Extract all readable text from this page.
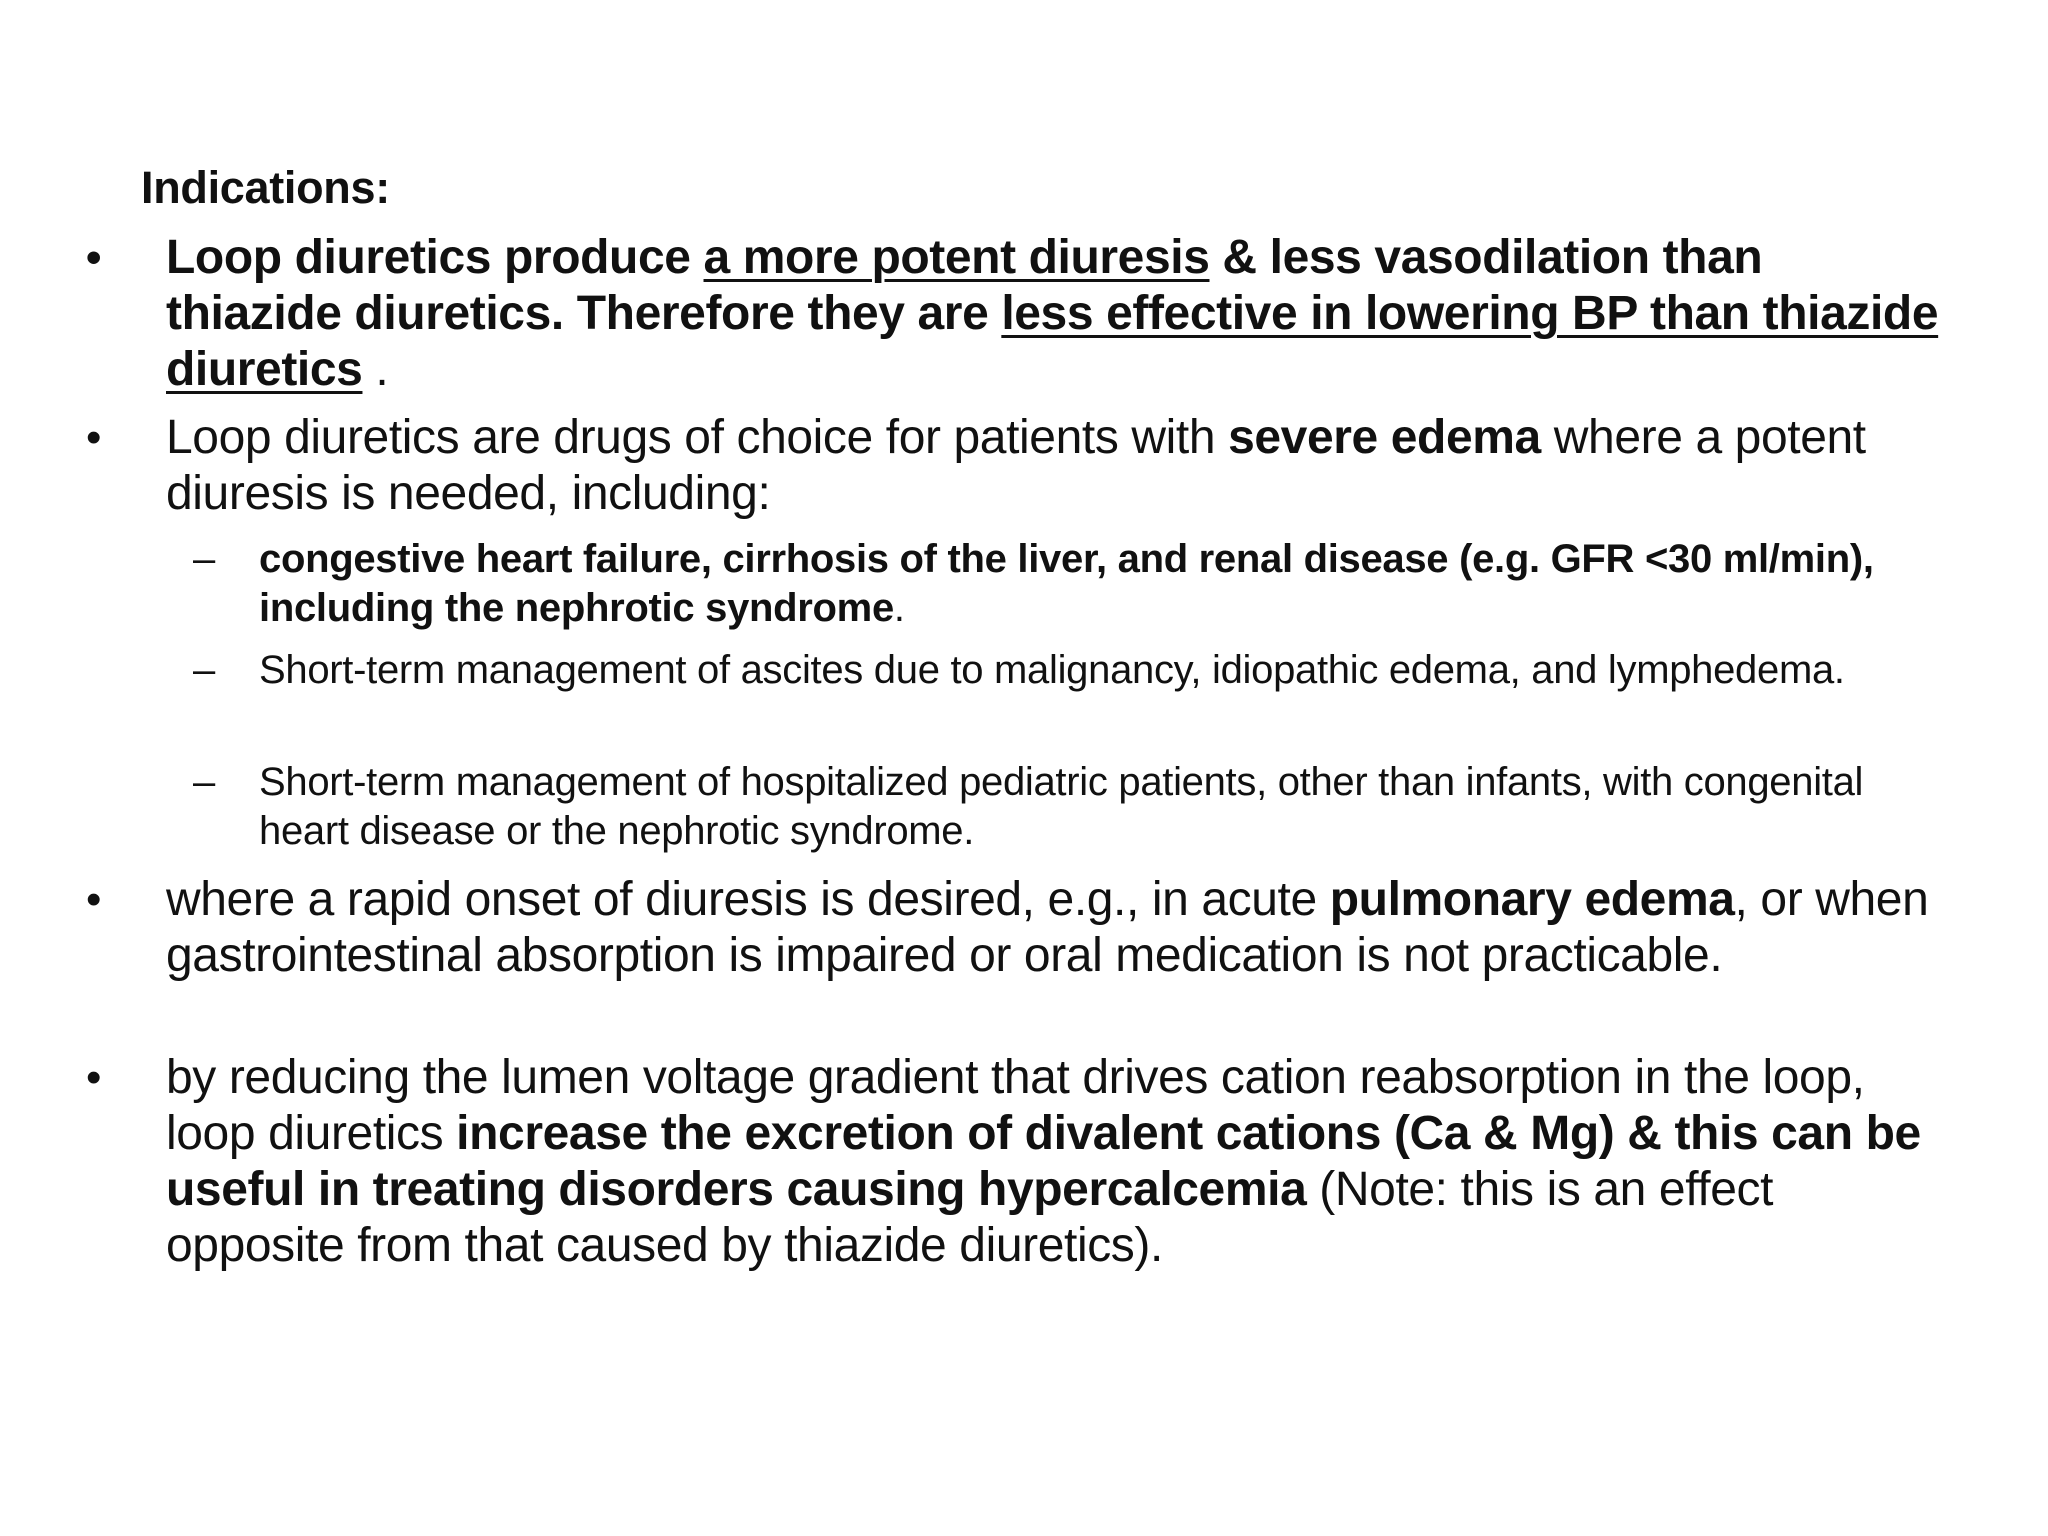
Indications:
• Loop diuretics produce a more potent diuresis & less vasodilation than thiazide diuretics. Therefore they are less effective in lowering BP than thiazide diuretics .
• Loop diuretics are drugs of choice for patients with severe edema where a potent diuresis is needed, including:
– congestive heart failure, cirrhosis of the liver, and renal disease (e.g. GFR <30 ml/min), including the nephrotic syndrome.
– Short-term management of ascites due to malignancy, idiopathic edema, and lymphedema.
– Short-term management of hospitalized pediatric patients, other than infants, with congenital heart disease or the nephrotic syndrome.
• where a rapid onset of diuresis is desired, e.g., in acute pulmonary edema, or when gastrointestinal absorption is impaired or oral medication is not practicable.
• by reducing the lumen voltage gradient that drives cation reabsorption in the loop, loop diuretics increase the excretion of divalent cations (Ca & Mg) & this can be useful in treating disorders causing hypercalcemia (Note: this is an effect opposite from that caused by thiazide diuretics).
